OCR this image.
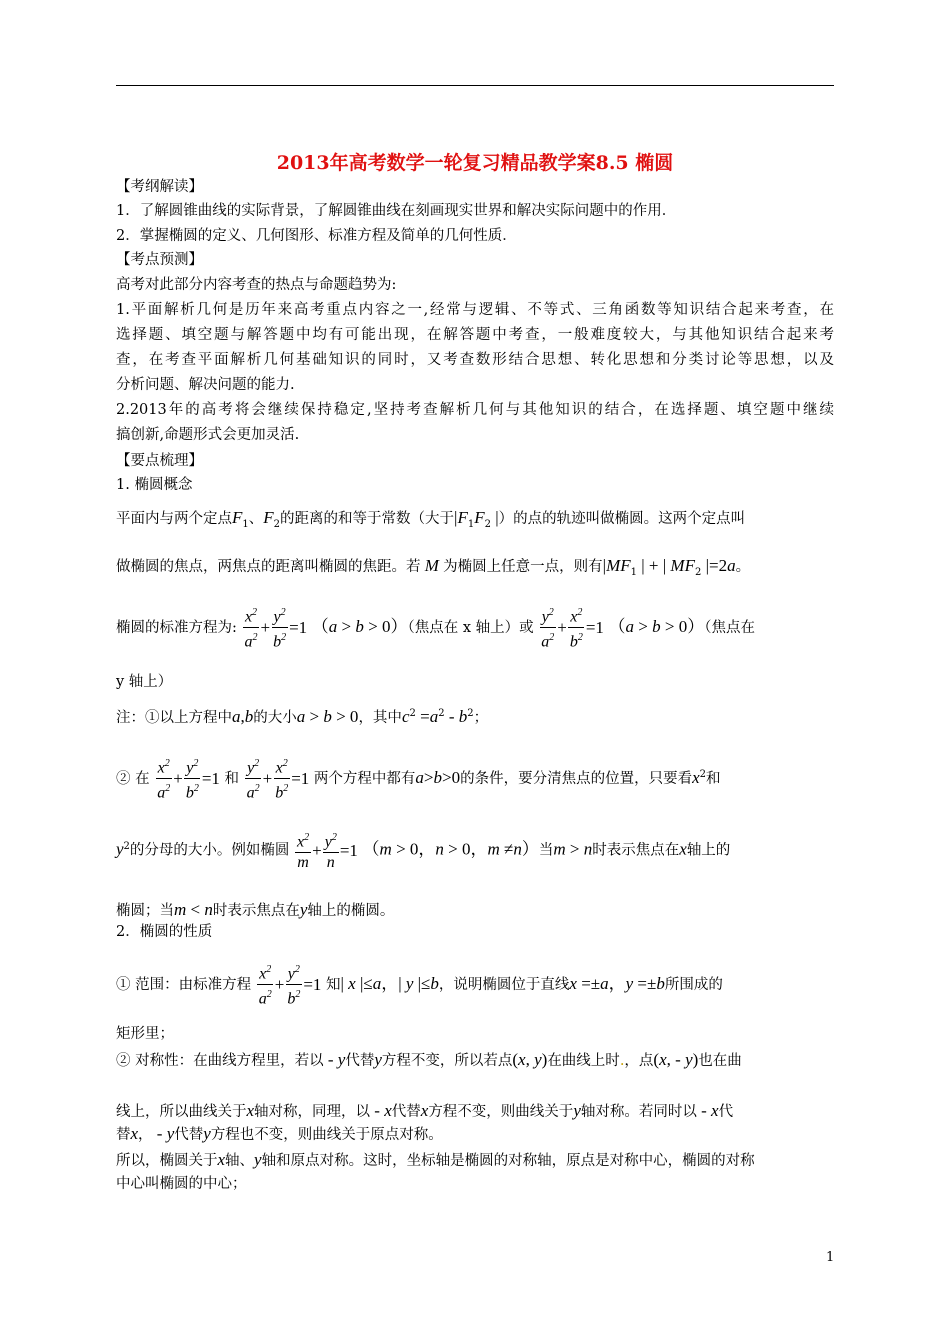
2013年高考数学一轮复习精品教学案8.5 椭圆
【考纲解读】
1．了解圆锥曲线的实际背景，了解圆锥曲线在刻画现实世界和解决实际问题中的作用．
2．掌握椭圆的定义、几何图形、标准方程及简单的几何性质．
【考点预测】
高考对此部分内容考查的热点与命题趋势为:
1.平面解析几何是历年来高考重点内容之一,经常与逻辑、不等式、三角函数等知识结合起来考查，在
选择题、填空题与解答题中均有可能出现，在解答题中考查，一般难度较大，与其他知识结合起来考
查，在考查平面解析几何基础知识的同时，又考查数形结合思想、转化思想和分类讨论等思想，以及
分析问题、解决问题的能力.
2.2013年的高考将会继续保持稳定,坚持考查解析几何与其他知识的结合，在选择题、填空题中继续
搞创新,命题形式会更加灵活.
【要点梳理】
1. 椭圆概念
平面内与两个定点$F_1$、$F_2$的距离的和等于常数（大于$|F_1F_2$ |）的点的轨迹叫做椭圆。这两个定点叫
做椭圆的焦点，两焦点的距离叫椭圆的焦距。若 M 为椭圆上任意一点，则有$|MF_1$ | + | $MF_2$ |=2a。
椭圆的标准方程为: $\frac{x^2}{a^2} + \frac{y^2}{b^2} =1$ （a > b > 0）（焦点在 x 轴上）或 $\frac{y^2}{a^2} + \frac{x^2}{b^2} =1$ （a > b > 0）（焦点在
y 轴上）
注：①以上方程中a,b的大小a > b > 0，其中$c^2 =a^2 - b^2$；
② 在 $\frac{x^2}{a^2} + \frac{y^2}{b^2} =1$ 和 $\frac{y^2}{a^2} + \frac{x^2}{b^2} =1$ 两个方程中都有a>b>0的条件，要分清焦点的位置，只要看$x^2$和
$y^2$的分母的大小。例如椭圆 $\frac{x^2}{m} + \frac{y^2}{n} =1$ （m > 0，n > 0，m ≠n）当m > n时表示焦点在x轴上的
椭圆；当m < n时表示焦点在y轴上的椭圆。
2．椭圆的性质
① 范围：由标准方程 $\frac{x^2}{a^2} + \frac{y^2}{b^2} =1$ 知| x |≤a，| y |≤b，说明椭圆位于直线x =±a，y =±b所围成的
矩形里；
② 对称性：在曲线方程里，若以 - y代替y方程不变，所以若点(x, y)在曲线上时.，点(x, - y)也在曲
线上，所以曲线关于x轴对称，同理，以 - x代替x方程不变，则曲线关于y轴对称。若同时以 - x代
替x， - y代替y方程也不变，则曲线关于原点对称。
所以，椭圆关于x轴、y轴和原点对称。这时，坐标轴是椭圆的对称轴，原点是对称中心，椭圆的对称
中心叫椭圆的中心；
1
